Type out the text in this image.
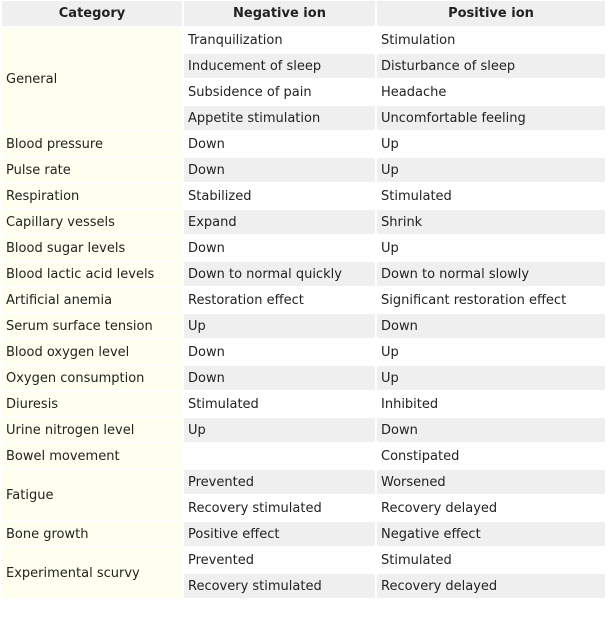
Category	Negative ion	Positive ion
General	Tranquilization	Stimulation
	Inducement of sleep	Disturbance of sleep
	Subsidence of pain	Headache
	Appetite stimulation	Uncomfortable feeling
Blood pressure	Down	Up
Pulse rate	Down	Up
Respiration	Stabilized	Stimulated
Capillary vessels	Expand	Shrink
Blood sugar levels	Down	Up
Blood lactic acid levels	Down to normal quickly	Down to normal slowly
Artificial anemia	Restoration effect	Significant restoration effect
Serum surface tension	Up	Down
Blood oxygen level	Down	Up
Oxygen consumption	Down	Up
Diuresis	Stimulated	Inhibited
Urine nitrogen level	Up	Down
Bowel movement		Constipated
Fatigue	Prevented	Worsened
	Recovery stimulated	Recovery delayed
Bone growth	Positive effect	Negative effect
Experimental scurvy	Prevented	Stimulated
	Recovery stimulated	Recovery delayed
